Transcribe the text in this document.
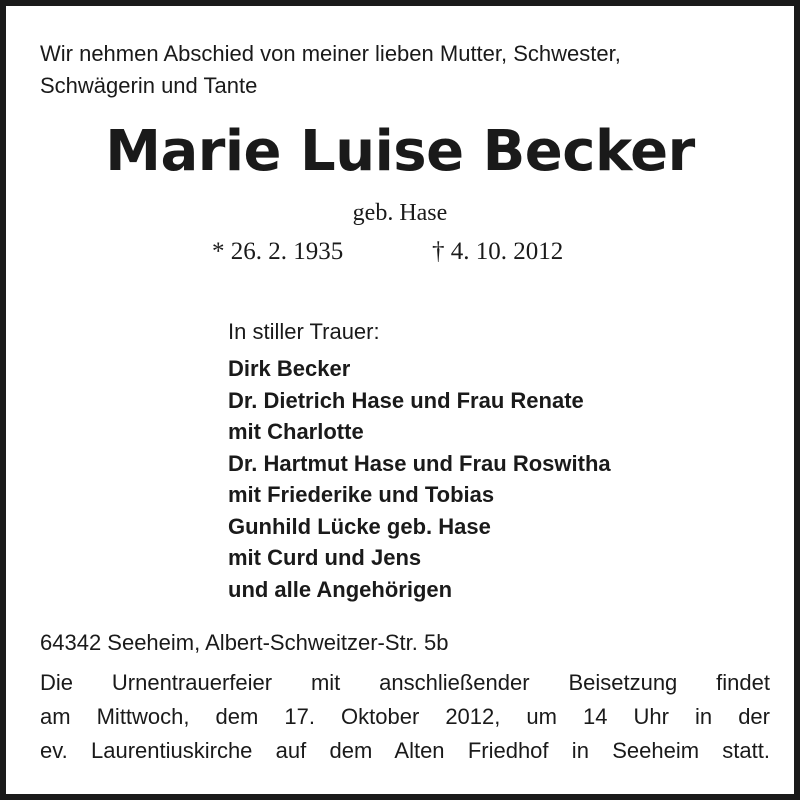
Wir nehmen Abschied von meiner lieben Mutter, Schwester,
Schwägerin und Tante

Marie Luise Becker

geb. Hase

* 26. 2. 1935	† 4. 10. 2012

In stiller Trauer:

Dirk Becker
Dr. Dietrich Hase und Frau Renate
mit Charlotte
Dr. Hartmut Hase und Frau Roswitha
mit Friederike und Tobias
Gunhild Lücke geb. Hase
mit Curd und Jens
und alle Angehörigen

64342 Seeheim, Albert-Schweitzer-Str. 5b

Die Urnentrauerfeier mit anschließender Beisetzung findet
am Mittwoch, dem 17. Oktober 2012, um 14 Uhr in der
ev. Laurentiuskirche auf dem Alten Friedhof in Seeheim statt.
